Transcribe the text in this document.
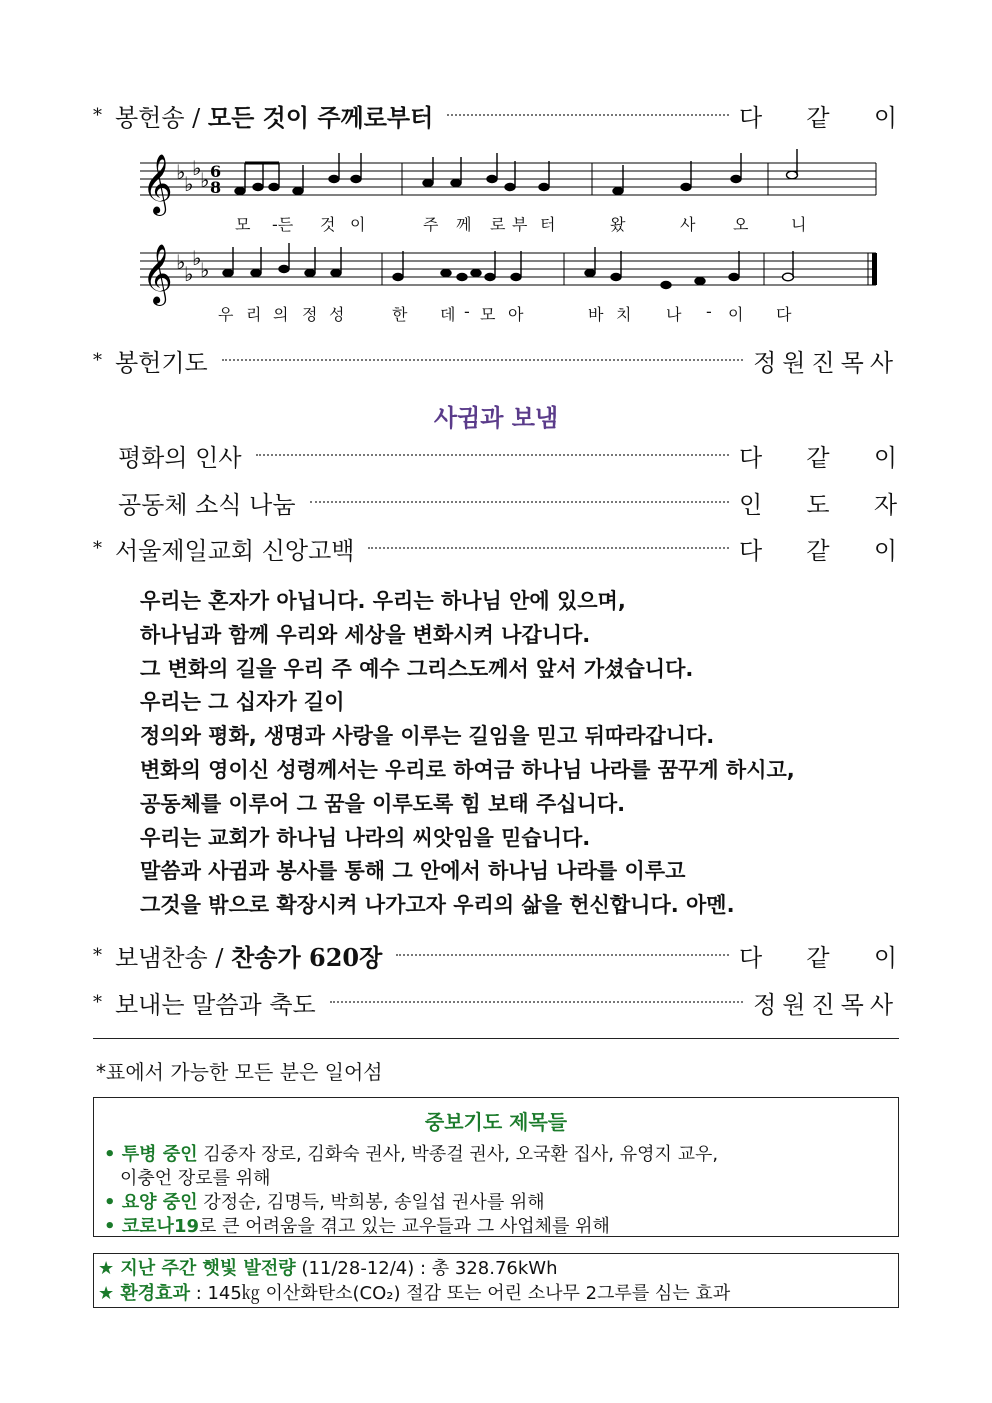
* 봉헌송 / 모든 것이 주께로부터	다 같 이
𝄞
𝄞
♭
♭
♭
♭
♭
♭
♭
♭
6
8
모 -든 것 이	주 께 로 부 터	왔	사 오	니
우 리 의 정 성	한 데 - 모 아	바 치 나 - 이 다
* 봉헌기도	정원진목사
사귐과 보냄
평화의 인사	다 같 이
공동체 소식 나눔	인 도 자
* 서울제일교회 신앙고백	다 같 이
우리는 혼자가 아닙니다. 우리는 하나님 안에 있으며,
하나님과 함께 우리와 세상을 변화시켜 나갑니다.
그 변화의 길을 우리 주 예수 그리스도께서 앞서 가셨습니다.
우리는 그 십자가 길이
정의와 평화, 생명과 사랑을 이루는 길임을 믿고 뒤따라갑니다.
변화의 영이신 성령께서는 우리로 하여금 하나님 나라를 꿈꾸게 하시고,
공동체를 이루어 그 꿈을 이루도록 힘 보태 주십니다.
우리는 교회가 하나님 나라의 씨앗임을 믿습니다.
말씀과 사귐과 봉사를 통해 그 안에서 하나님 나라를 이루고
그것을 밖으로 확장시켜 나가고자 우리의 삶을 헌신합니다. 아멘.
* 보냄찬송 / 찬송가 620장	다 같 이
* 보내는 말씀과 축도	정원진목사
*표에서 가능한 모든 분은 일어섬
중보기도 제목들
• 투병 중인 김중자 장로, 김화숙 권사, 박종걸 권사, 오국환 집사, 유영지 교우,
이충언 장로를 위해
• 요양 중인 강정순, 김명득, 박희봉, 송일섭 권사를 위해
• 코로나19로 큰 어려움을 겪고 있는 교우들과 그 사업체를 위해
★ 지난 주간 햇빛 발전량 (11/28-12/4) : 총 328.76kWh
★ 환경효과 : 145㎏ 이산화탄소(CO₂) 절감 또는 어린 소나무 2그루를 심는 효과
